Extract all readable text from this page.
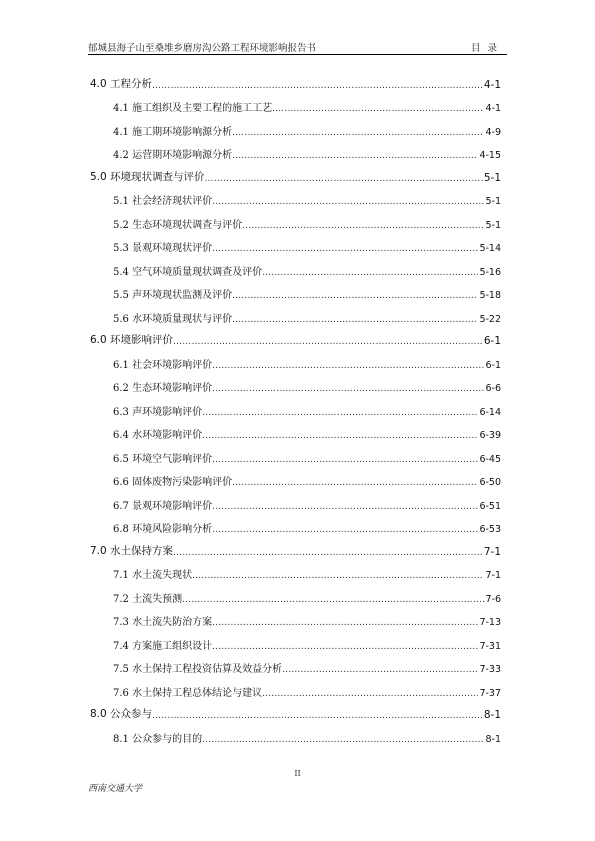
郁城县海子山至桑堆乡磨房沟公路工程环境影响报告书	目 录
4.0 工程分析 ………………………………………………………………………………………………………………………	4-1
4.1 施工组织及主要工程的施工工艺 .....	4-1
4.1 施工期环境影响源分析 .....	4-9
4.2 运营期环境影响源分析 .....	4-15
5.0 环境现状调查与评价 ………………………………………………………………………………………………………………………	5-1
5.1 社会经济现状评价 .....	5-1
5.2 生态环境现状调查与评价 .....	5-1
5.3 景观环境现状评价 .....	5-14
5.4 空气环境质量现状调查及评价 .....	5-16
5.5 声环境现状监测及评价 .....	5-18
5.6 水环境质量现状与评价 .....	5-22
6.0 环境影响评价 ………………………………………………………………………………………………………………………	6-1
6.1 社会环境影响评价 .....	6-1
6.2 生态环境影响评价 .....	6-6
6.3 声环境影响评价 .....	6-14
6.4 水环境影响评价 .....	6-39
6.5 环境空气影响评价 .....	6-45
6.6 固体废物污染影响评价 .....	6-50
6.7 景观环境影响评价 .....	6-51
6.8 环境风险影响分析 .....	6-53
7.0 水土保持方案 ………………………………………………………………………………………………………………………	7-1
7.1 水土流失现状 .....	7-1
7.2 土流失预测 .....	7-6
7.3 水土流失防治方案 .....	7-13
7.4 方案施工组织设计 .....	7-31
7.5 水土保持工程投资估算及效益分析 .....	7-33
7.6 水土保持工程总体结论与建议 .....	7-37
8.0 公众参与 ………………………………………………………………………………………………………………………	8-1
8.1 公众参与的目的 .....	8-1
II
西南交通大学
